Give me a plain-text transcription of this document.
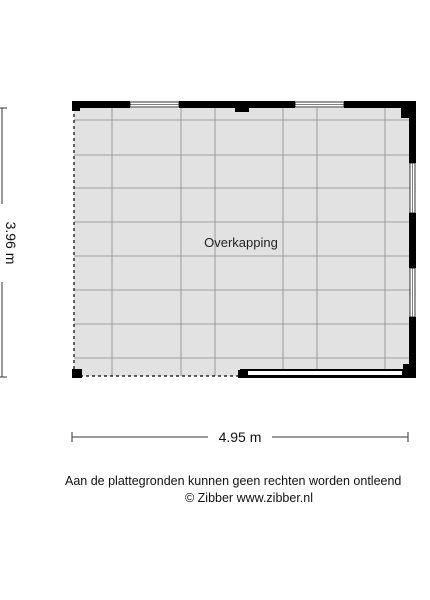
Overkapping
3.96 m
4.95 m
Aan de plattegronden kunnen geen rechten worden ontleend
© Zibber www.zibber.nl
